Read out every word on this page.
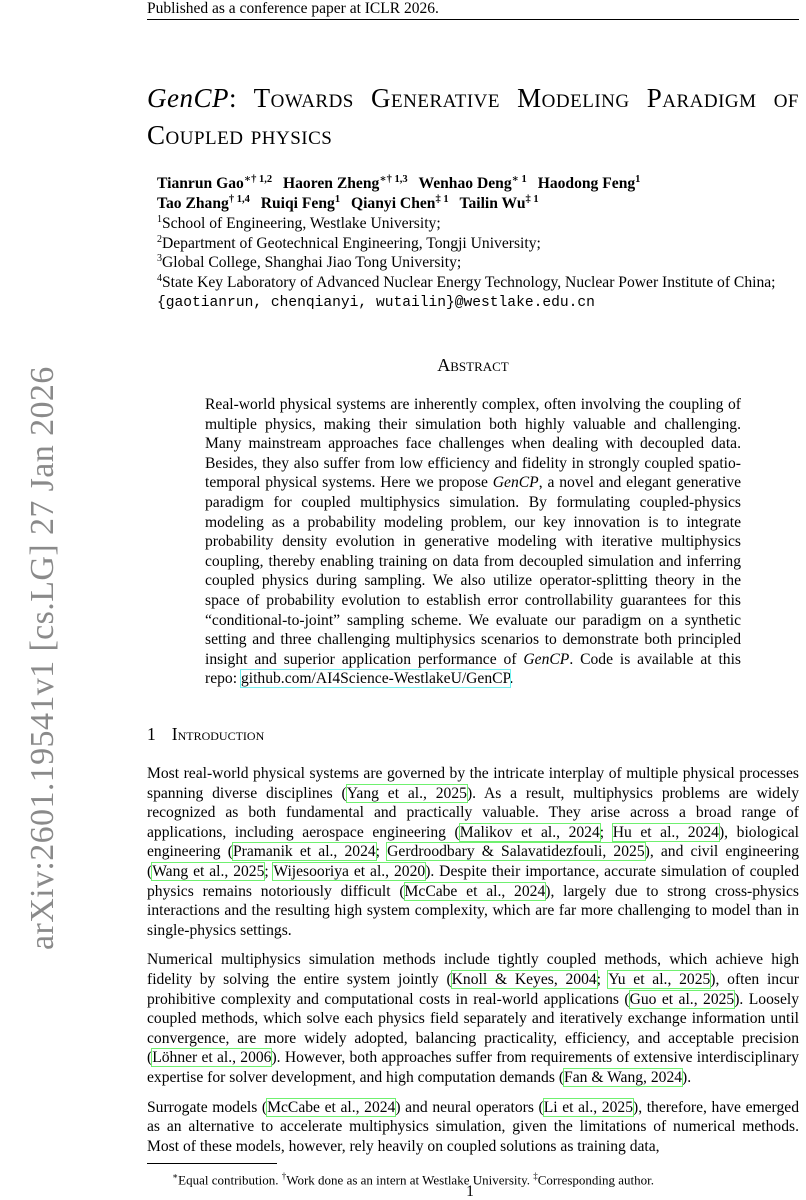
Published as a conference paper at ICLR 2026.
arXiv:2601.19541v1 [cs.LG] 27 Jan 2026
GenCP: Towards Generative Modeling Paradigm of Coupled physics
Tianrun Gao$^{∗\dagger 1,2}$ Haoren Zheng$^{∗\dagger 1,3}$ Wenhao Deng$^{∗ 1}$ Haodong Feng$^1$
Tao Zhang$^{\dagger 1,4}$ Ruiqi Feng$^1$ Qianyi Chen$^{\ddagger 1}$ Tailin Wu$^{\ddagger 1}$
$^1$School of Engineering, Westlake University;
$^2$Department of Geotechnical Engineering, Tongji University;
$^3$Global College, Shanghai Jiao Tong University;
$^4$State Key Laboratory of Advanced Nuclear Energy Technology, Nuclear Power Institute of China;
{gaotianrun, chenqianyi, wutailin}@westlake.edu.cn
Abstract
Real-world physical systems are inherently complex, often involving the coupling of multiple physics, making their simulation both highly valuable and challenging. Many mainstream approaches face challenges when dealing with decoupled data. Besides, they also suffer from low efficiency and fidelity in strongly coupled spatio-temporal physical systems. Here we propose GenCP, a novel and elegant generative paradigm for coupled multiphysics simulation. By formulating coupled-physics modeling as a probability modeling problem, our key innovation is to integrate probability density evolution in generative modeling with iterative multiphysics coupling, thereby enabling training on data from decoupled simulation and inferring coupled physics during sampling. We also utilize operator-splitting theory in the space of probability evolution to establish error controllability guarantees for this “conditional-to-joint” sampling scheme. We evaluate our paradigm on a synthetic setting and three challenging multiphysics scenarios to demonstrate both principled insight and superior application performance of GenCP. Code is available at this repo: github.com/AI4Science-WestlakeU/GenCP.
1 Introduction

Most real-world physical systems are governed by the intricate interplay of multiple physical processes spanning diverse disciplines (Yang et al., 2025). As a result, multiphysics problems are widely recognized as both fundamental and practically valuable. They arise across a broad range of applications, including aerospace engineering (Malikov et al., 2024; Hu et al., 2024), biological engineering (Pramanik et al., 2024; Gerdroodbary & Salavatidezfouli, 2025), and civil engineering (Wang et al., 2025; Wijesooriya et al., 2020). Despite their importance, accurate simulation of coupled physics remains notoriously difficult (McCabe et al., 2024), largely due to strong cross-physics interactions and the resulting high system complexity, which are far more challenging to model than in single-physics settings.

Numerical multiphysics simulation methods include tightly coupled methods, which achieve high fidelity by solving the entire system jointly (Knoll & Keyes, 2004; Yu et al., 2025), often incur prohibitive complexity and computational costs in real-world applications (Guo et al., 2025). Loosely coupled methods, which solve each physics field separately and iteratively exchange information until convergence, are more widely adopted, balancing practicality, efficiency, and acceptable precision (Löhner et al., 2006). However, both approaches suffer from requirements of extensive interdisciplinary expertise for solver development, and high computation demands (Fan & Wang, 2024).

Surrogate models (McCabe et al., 2024) and neural operators (Li et al., 2025), therefore, have emerged as an alternative to accelerate multiphysics simulation, given the limitations of numerical methods. Most of these models, however, rely heavily on coupled solutions as training data,

∗Equal contribution. †Work done as an intern at Westlake University. ‡Corresponding author.
1
